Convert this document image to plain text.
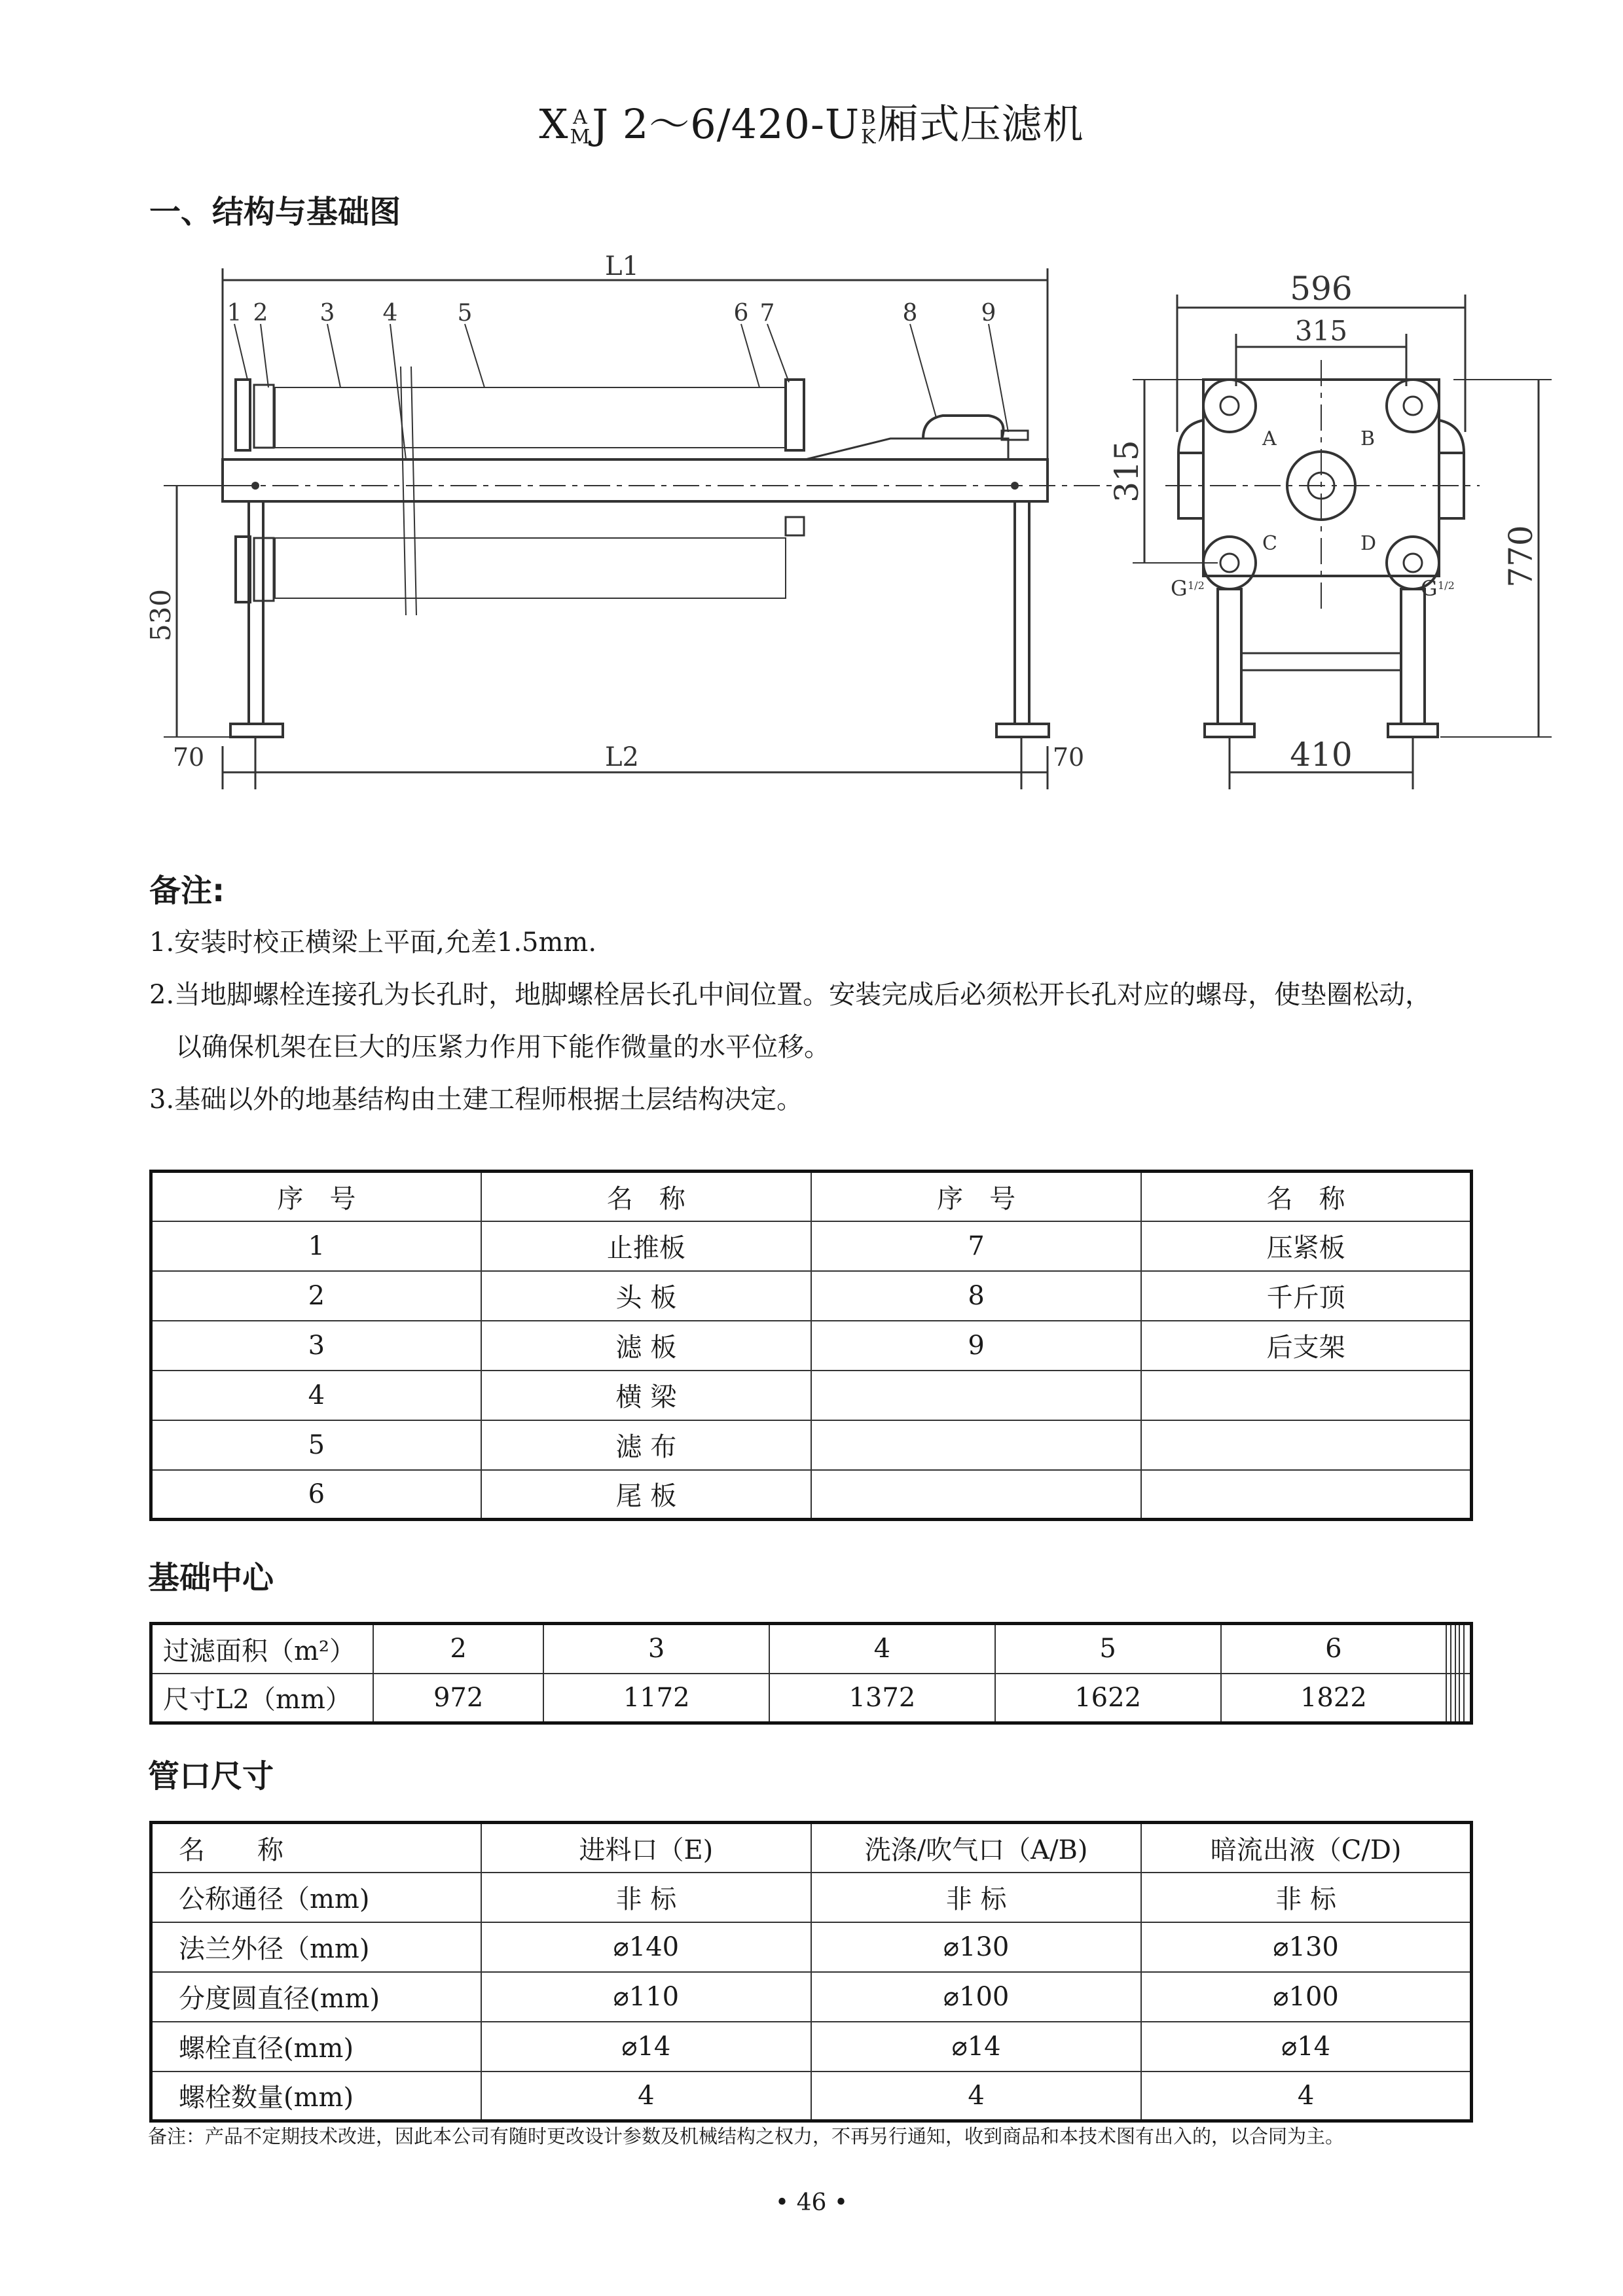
X A
M J 2～6/420-U B
K 厢式压滤机
一、结构与基础图
L1
L2
530
70	70
1 2 3 4	5	6 7	8	9
596
315
315
770
410
A	B
C	D
G 1/2	G 1/2
备注:
1.安装时校正横梁上平面,允差1.5mm.
2.当地脚螺栓连接孔为长孔时，地脚螺栓居长孔中间位置。安装完成后必须松开长孔对应的螺母，使垫圈松动，
以确保机架在巨大的压紧力作用下能作微量的水平位移。
3.基础以外的地基结构由土建工程师根据土层结构决定。
序　号	名　称	序　号	名　称
1	止推板	7	压紧板
2	头 板	8	千斤顶
3	滤 板	9	后支架
4	横 梁		
5	滤 布		
6	尾 板		
基础中心
过滤面积（m²）	2	3	4	5	6					
尺寸L2（mm）	972	1172	1372	1622	1822					
管口尺寸
名　　称	进料口（E)	洗涤/吹气口（A/B)	暗流出液（C/D)
公称通径（mm)	非 标	非 标	非 标
法兰外径（mm)	⌀140	⌀130	⌀130
分度圆直径(mm)	⌀110	⌀100	⌀100
螺栓直径(mm)	⌀14	⌀14	⌀14
螺栓数量(mm)	4	4	4
备注：产品不定期技术改进，因此本公司有随时更改设计参数及机械结构之权力，不再另行通知，收到商品和本技术图有出入的，以合同为主。
• 46 •
